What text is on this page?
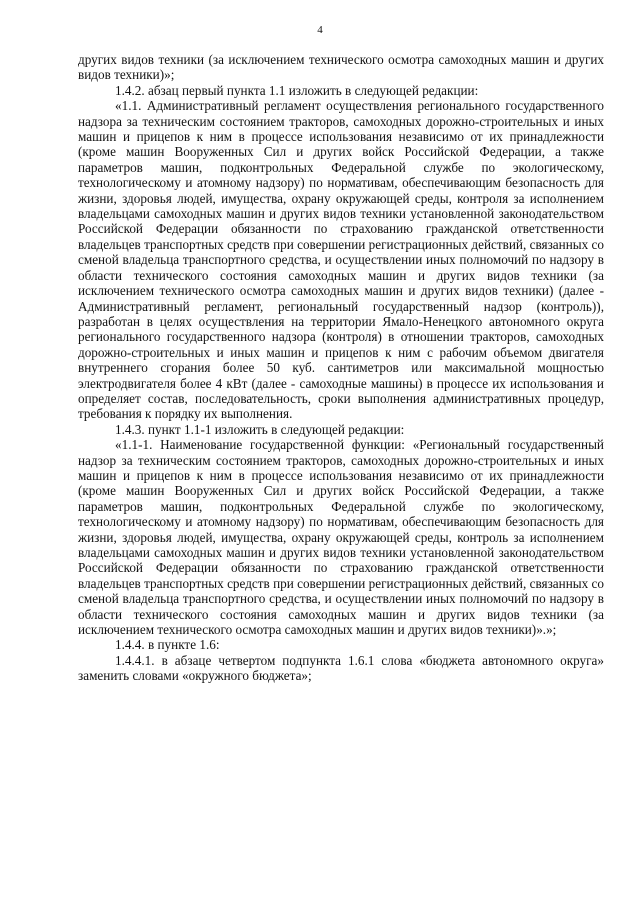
4

других видов техники (за исключением технического осмотра самоходных машин и других видов техники)»;

1.4.2. абзац первый пункта 1.1 изложить в следующей редакции:

«1.1. Административный регламент осуществления регионального государственного надзора за техническим состоянием тракторов, самоходных дорожно-строительных и иных машин и прицепов к ним в процессе использования независимо от их принадлежности (кроме машин Вооруженных Сил и других войск Российской Федерации, а также параметров машин, подконтрольных Федеральной службе по экологическому, технологическому и атомному надзору) по нормативам, обеспечивающим безопасность для жизни, здоровья людей, имущества, охрану окружающей среды, контроля за исполнением владельцами самоходных машин и других видов техники установленной законодательством Российской Федерации обязанности по страхованию гражданской ответственности владельцев транспортных средств при совершении регистрационных действий, связанных со сменой владельца транспортного средства, и осуществлении иных полномочий по надзору в области технического состояния самоходных машин и других видов техники (за исключением технического осмотра самоходных машин и других видов техники) (далее - Административный регламент, региональный государственный надзор (контроль)), разработан в целях осуществления на территории Ямало-Ненецкого автономного округа регионального государственного надзора (контроля) в отношении тракторов, самоходных дорожно-строительных и иных машин и прицепов к ним с рабочим объемом двигателя внутреннего сгорания более 50 куб. сантиметров или максимальной мощностью электродвигателя более 4 кВт (далее - самоходные машины) в процессе их использования и определяет состав, последовательность, сроки выполнения административных процедур, требования к порядку их выполнения.

1.4.3. пункт 1.1-1 изложить в следующей редакции:

«1.1-1. Наименование государственной функции: «Региональный государственный надзор за техническим состоянием тракторов, самоходных дорожно-строительных и иных машин и прицепов к ним в процессе использования независимо от их принадлежности (кроме машин Вооруженных Сил и других войск Российской Федерации, а также параметров машин, подконтрольных Федеральной службе по экологическому, технологическому и атомному надзору) по нормативам, обеспечивающим безопасность для жизни, здоровья людей, имущества, охрану окружающей среды, контроль за исполнением владельцами самоходных машин и других видов техники установленной законодательством Российской Федерации обязанности по страхованию гражданской ответственности владельцев транспортных средств при совершении регистрационных действий, связанных со сменой владельца транспортного средства, и осуществлении иных полномочий по надзору в области технического состояния самоходных машин и других видов техники (за исключением технического осмотра самоходных машин и других видов техники)».»;

1.4.4. в пункте 1.6:

1.4.4.1. в абзаце четвертом подпункта 1.6.1 слова «бюджета автономного округа» заменить словами «окружного бюджета»;
